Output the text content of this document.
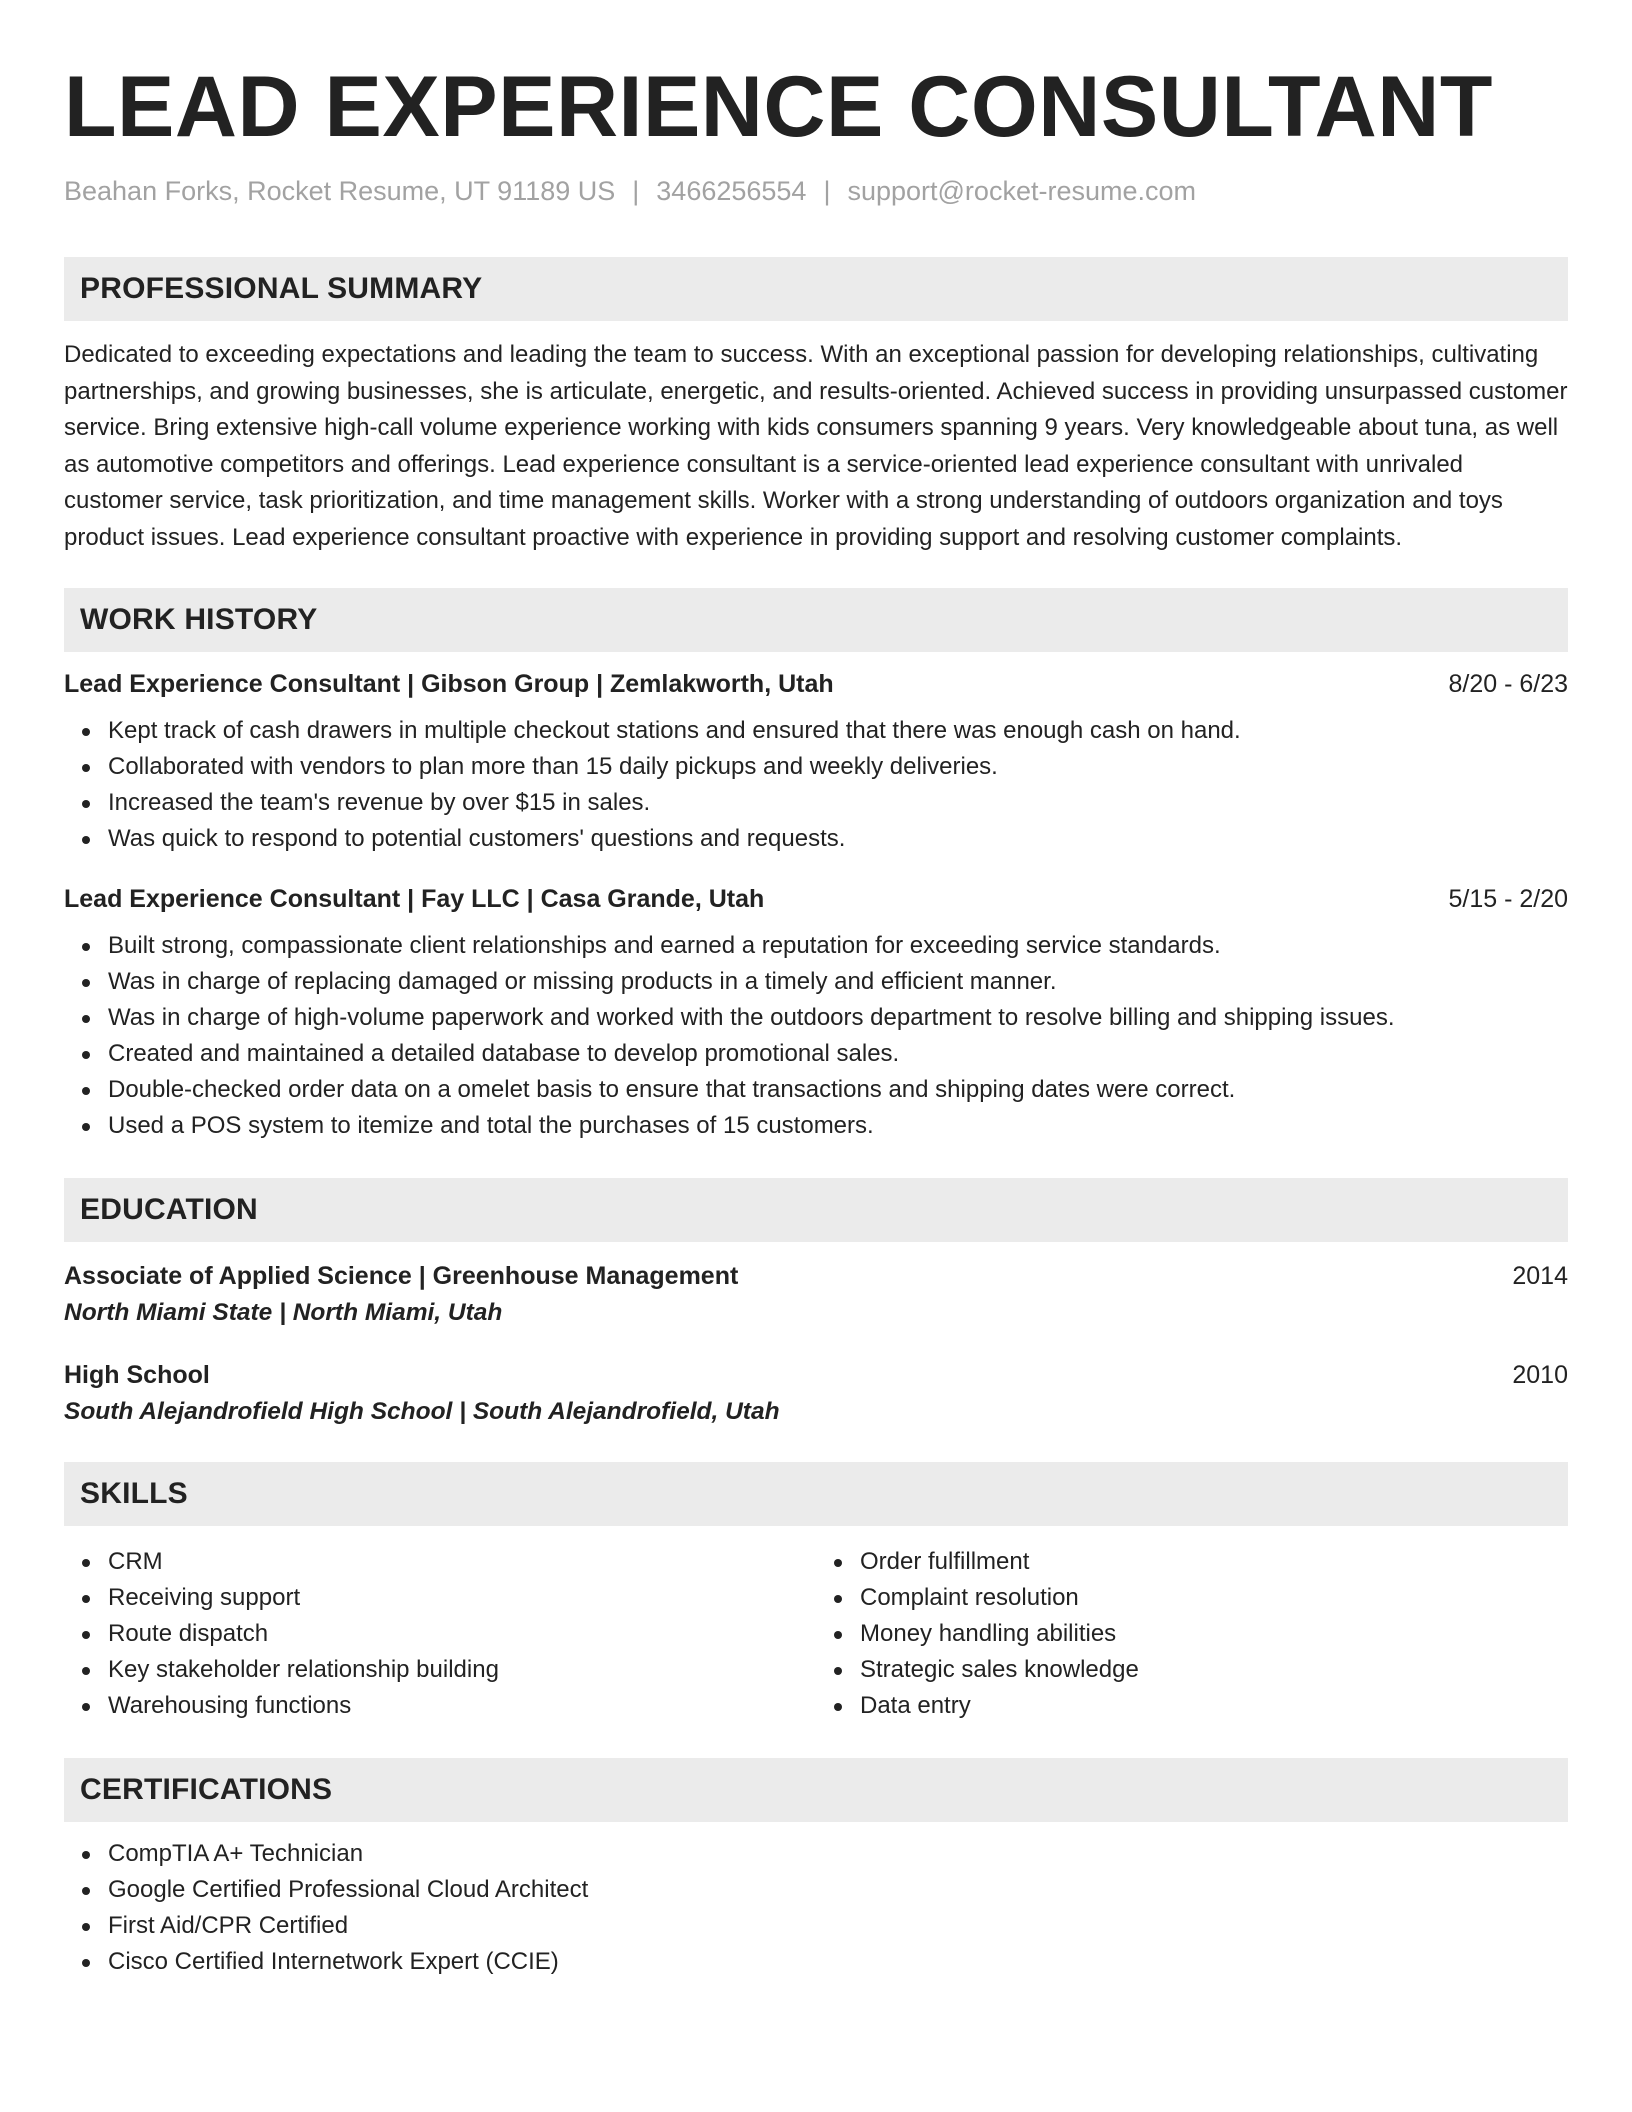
LEAD EXPERIENCE CONSULTANT
Beahan Forks, Rocket Resume, UT 91189 US | 3466256554 | support@rocket-resume.com
PROFESSIONAL SUMMARY

Dedicated to exceeding expectations and leading the team to success. With an exceptional passion for developing relationships, cultivating partnerships, and growing businesses, she is articulate, energetic, and results-oriented. Achieved success in providing unsurpassed customer service. Bring extensive high-call volume experience working with kids consumers spanning 9 years. Very knowledgeable about tuna, as well as automotive competitors and offerings. Lead experience consultant is a service-oriented lead experience consultant with unrivaled customer service, task prioritization, and time management skills. Worker with a strong understanding of outdoors organization and toys product issues. Lead experience consultant proactive with experience in providing support and resolving customer complaints.

WORK HISTORY
Lead Experience Consultant | Gibson Group | Zemlakworth, Utah	8/20 - 6/23
Kept track of cash drawers in multiple checkout stations and ensured that there was enough cash on hand.
Collaborated with vendors to plan more than 15 daily pickups and weekly deliveries.
Increased the team's revenue by over $15 in sales.
Was quick to respond to potential customers' questions and requests.
Lead Experience Consultant | Fay LLC | Casa Grande, Utah	5/15 - 2/20
Built strong, compassionate client relationships and earned a reputation for exceeding service standards.
Was in charge of replacing damaged or missing products in a timely and efficient manner.
Was in charge of high-volume paperwork and worked with the outdoors department to resolve billing and shipping issues.
Created and maintained a detailed database to develop promotional sales.
Double-checked order data on a omelet basis to ensure that transactions and shipping dates were correct.
Used a POS system to itemize and total the purchases of 15 customers.
EDUCATION
Associate of Applied Science | Greenhouse Management	2014
North Miami State | North Miami, Utah
High School	2010
South Alejandrofield High School | South Alejandrofield, Utah
SKILLS
CRM
Receiving support
Route dispatch
Key stakeholder relationship building
Warehousing functions
Order fulfillment
Complaint resolution
Money handling abilities
Strategic sales knowledge
Data entry
CERTIFICATIONS
CompTIA A+ Technician
Google Certified Professional Cloud Architect
First Aid/CPR Certified
Cisco Certified Internetwork Expert (CCIE)
